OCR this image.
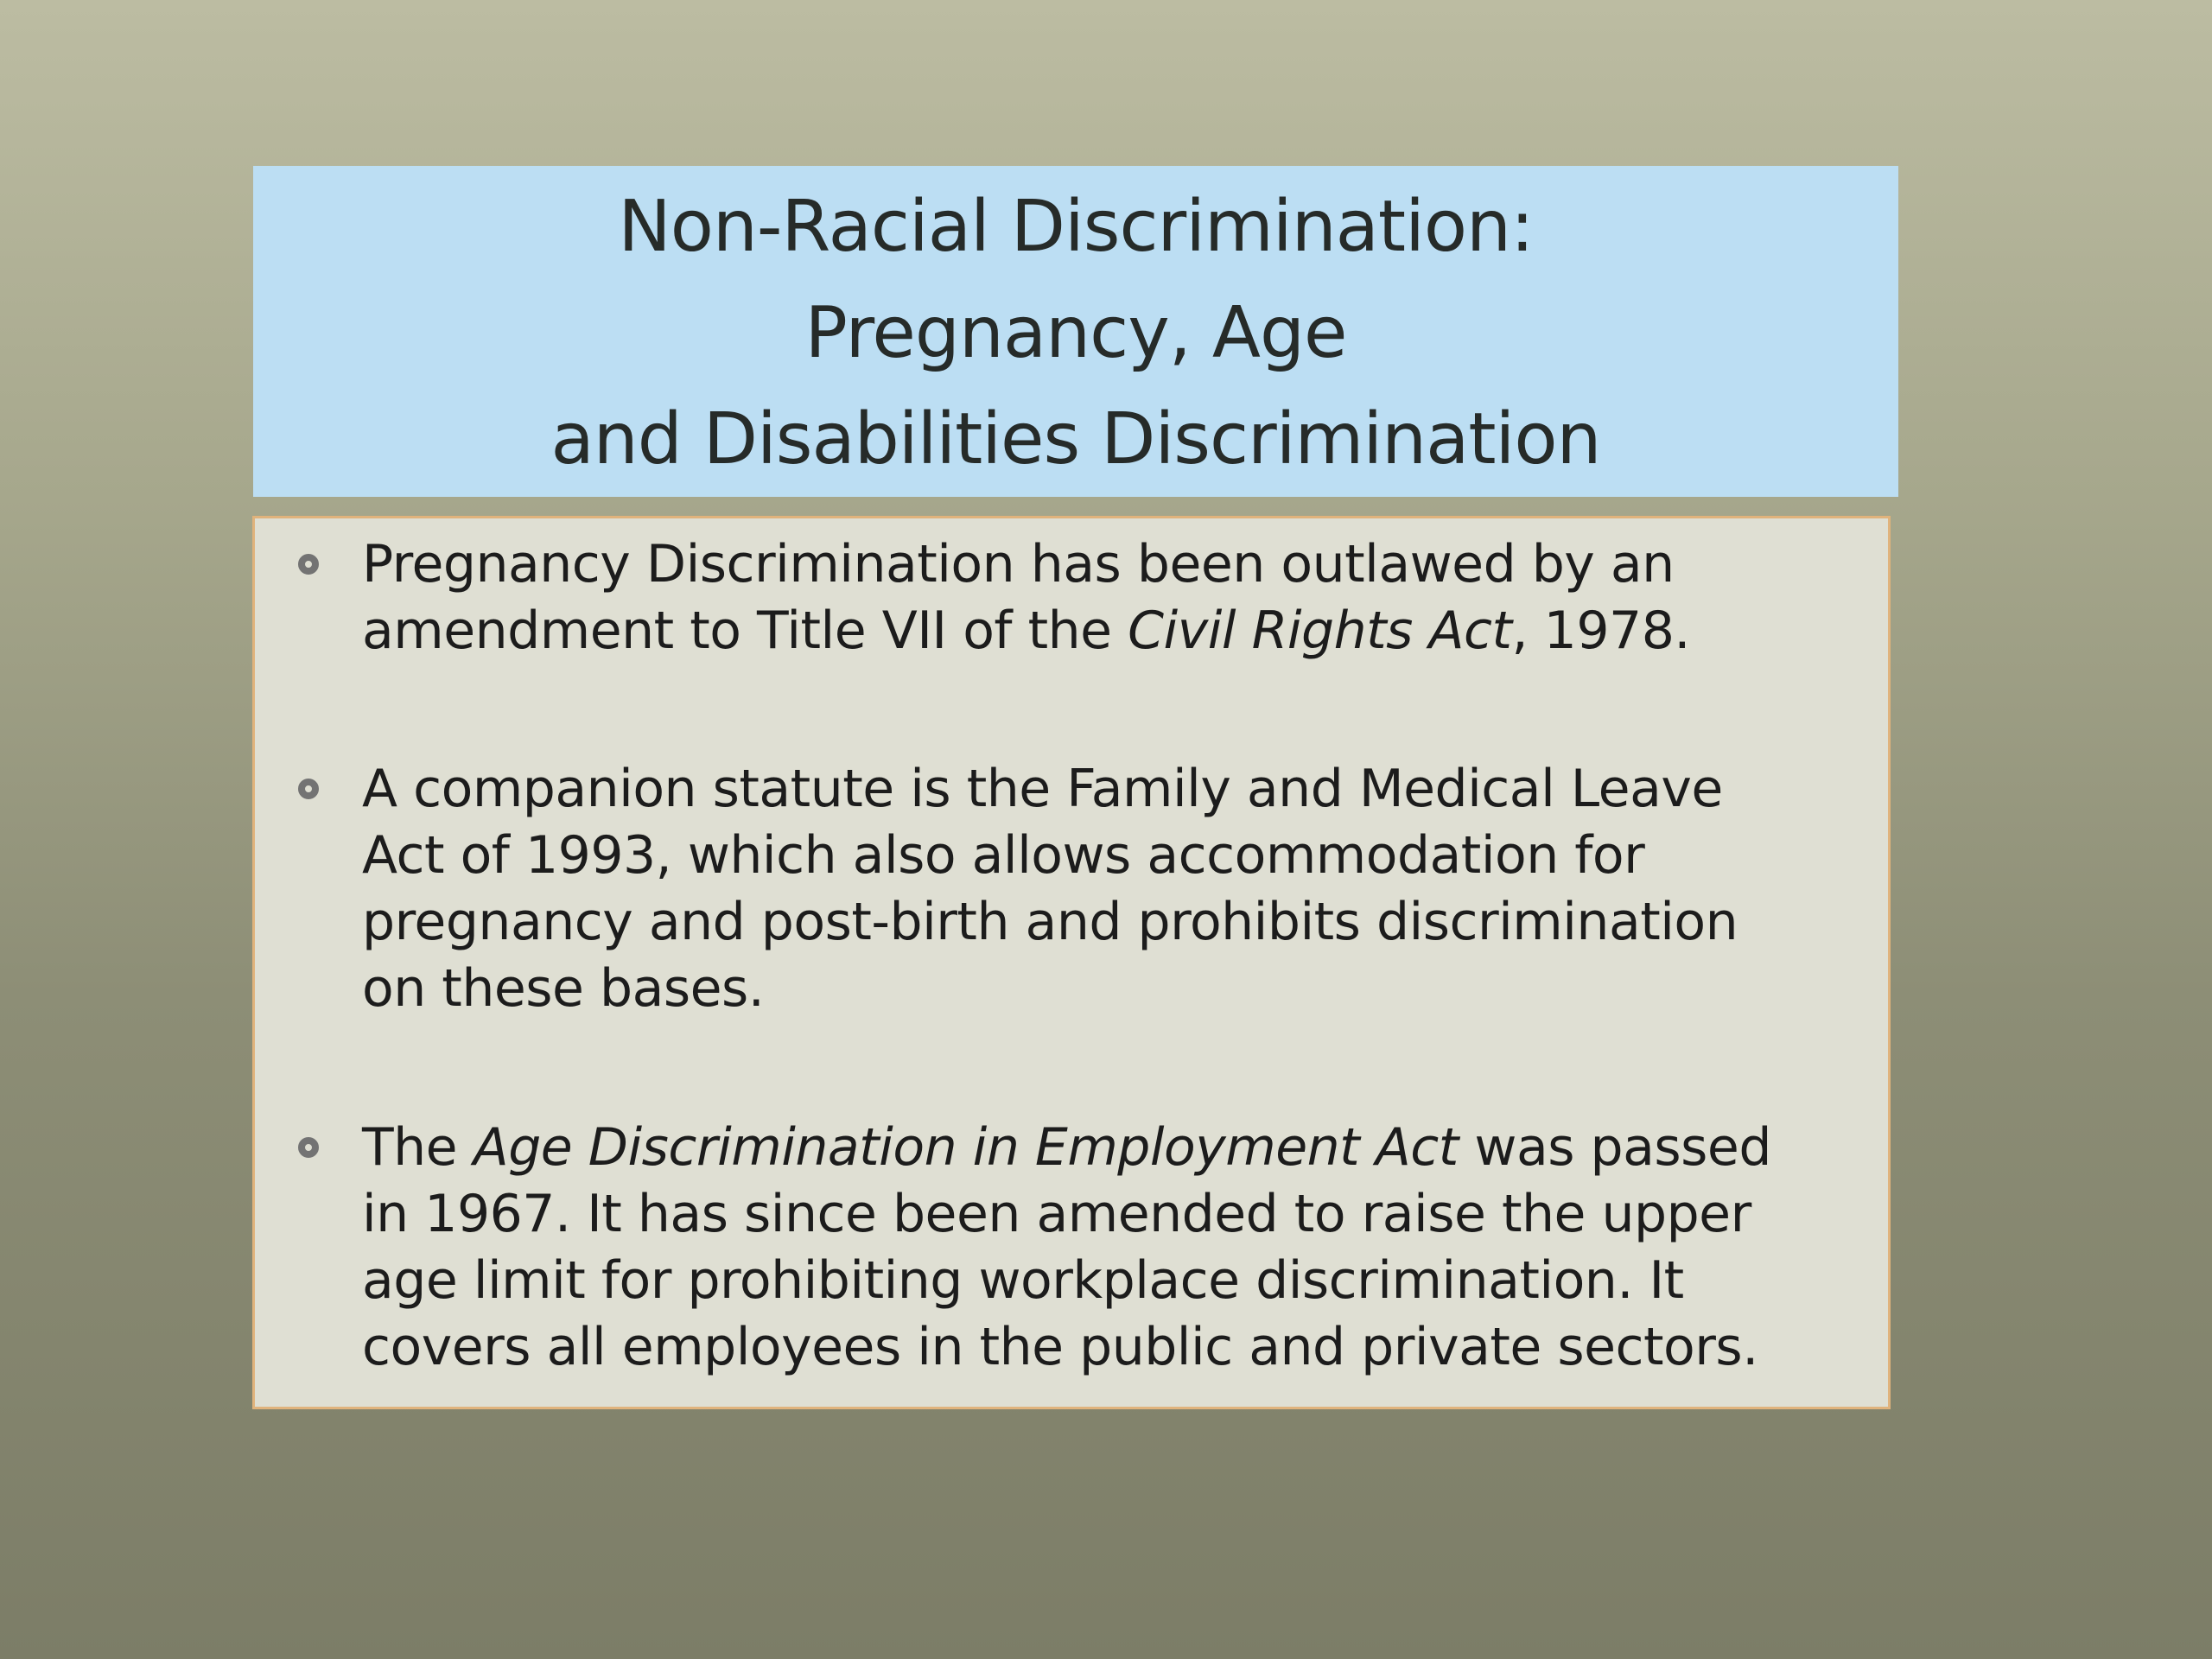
Non-Racial Discrimination:
Pregnancy, Age
and Disabilities Discrimination
Pregnancy Discrimination has been outlawed by an
amendment to Title VII of the Civil Rights Act, 1978.
A companion statute is the Family and Medical Leave
Act of 1993, which also allows accommodation for
pregnancy and post-birth and prohibits discrimination
on these bases.
The Age Discrimination in Employment Act was passed
in 1967. It has since been amended to raise the upper
age limit for prohibiting workplace discrimination. It
covers all employees in the public and private sectors.
